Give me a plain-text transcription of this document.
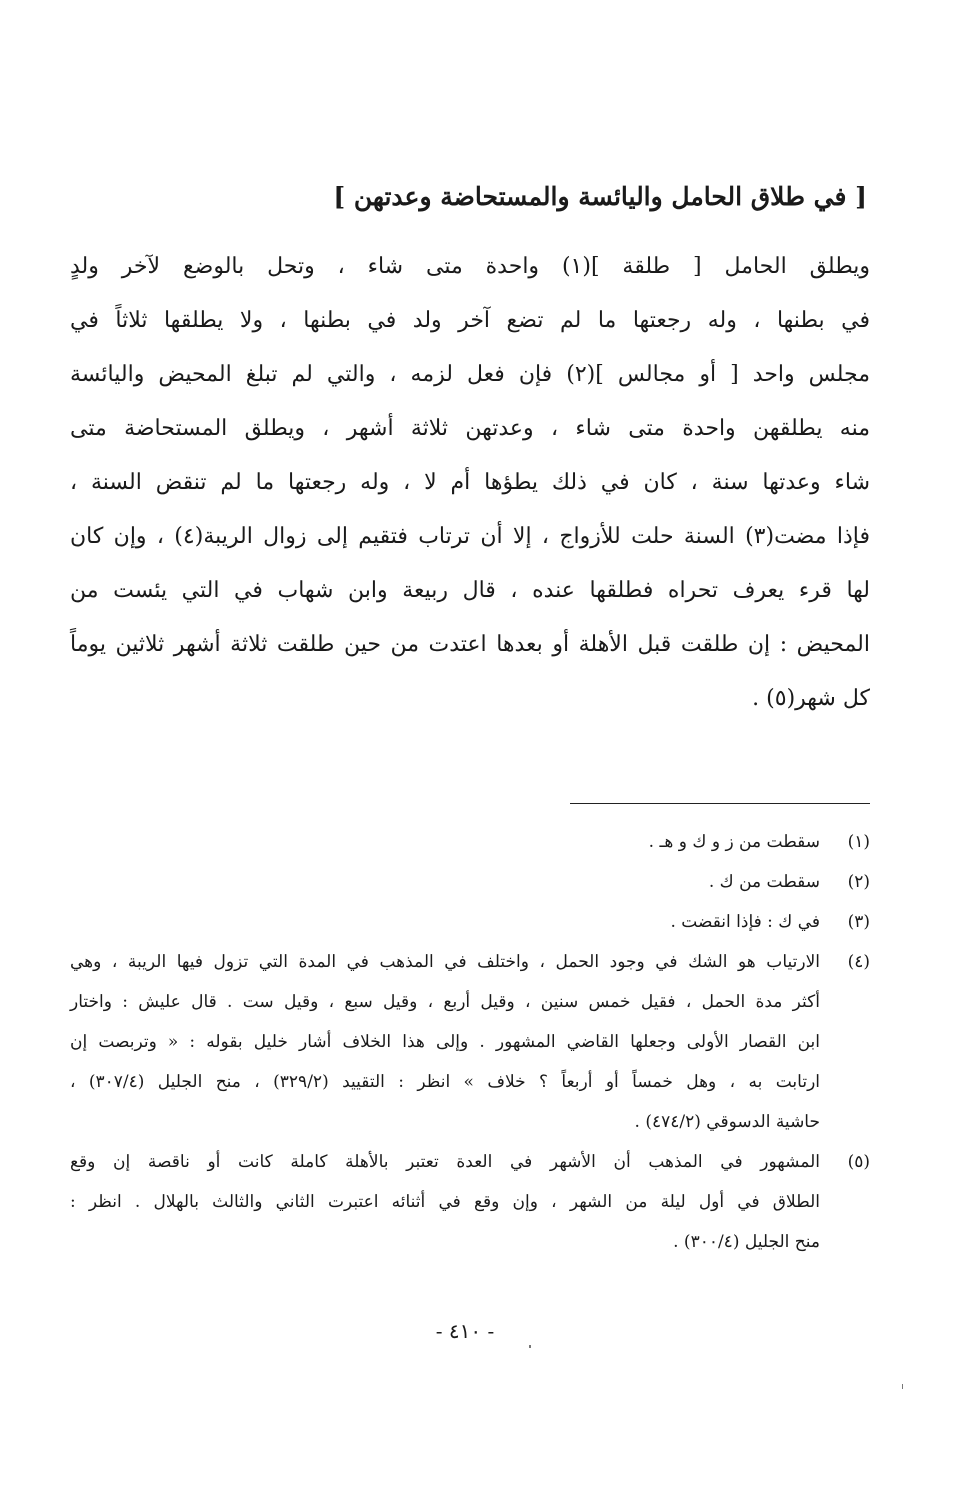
[ في طلاق الحامل واليائسة والمستحاضة وعدتهن ]
ويطلق الحامل [ طلقة ](١) واحدة متى شاء ، وتحل بالوضع لآخر ولدٍ
في بطنها ، وله رجعتها ما لم تضع آخر ولد في بطنها ، ولا يطلقها ثلاثاً في
مجلس واحد [ أو مجالس ](٢) فإن فعل لزمه ، والتي لم تبلغ المحيض واليائسة
منه يطلقهن واحدة متى شاء ، وعدتهن ثلاثة أشهر ، ويطلق المستحاضة متى
شاء وعدتها سنة ، كان في ذلك يطؤها أم لا ، وله رجعتها ما لم تنقض السنة ،
فإذا مضت(٣) السنة حلت للأزواج ، إلا أن ترتاب فتقيم إلى زوال الريبة(٤) ، وإن كان
لها قرء يعرف تحراه فطلقها عنده ، قال ربيعة وابن شهاب في التي يئست من
المحيض : إن طلقت قبل الأهلة أو بعدها اعتدت من حين طلقت ثلاثة أشهر ثلاثين يوماً
كل شهر(٥) .
(١)
سقطت من ز و ك و هـ .
(٢)
سقطت من ك .
(٣)
في ك : فإذا انقضت .
(٤)
الارتياب هو الشك في وجود الحمل ، واختلف في المذهب في المدة التي تزول فيها الريبة ، وهي
أكثر مدة الحمل ، فقيل خمس سنين ، وقيل أربع ، وقيل سبع ، وقيل ست . قال عليش : واختار
ابن القصار الأولى وجعلها القاضي المشهور . وإلى هذا الخلاف أشار خليل بقوله : « وتربصت إن
ارتابت به ، وهل خمساً أو أربعاً ؟ خلاف » انظر : التقييد (٣٢٩/٢) ، منح الجليل (٣٠٧/٤) ،
حاشية الدسوقي (٤٧٤/٢) .
(٥)
المشهور في المذهب أن الأشهر في العدة تعتبر بالأهلة كاملة كانت أو ناقصة إن وقع
الطلاق في أول ليلة من الشهر ، وإن وقع في أثنائه اعتبرت الثاني والثالث بالهلال . انظر :
منح الجليل (٣٠٠/٤) .
- ٤١٠ -
